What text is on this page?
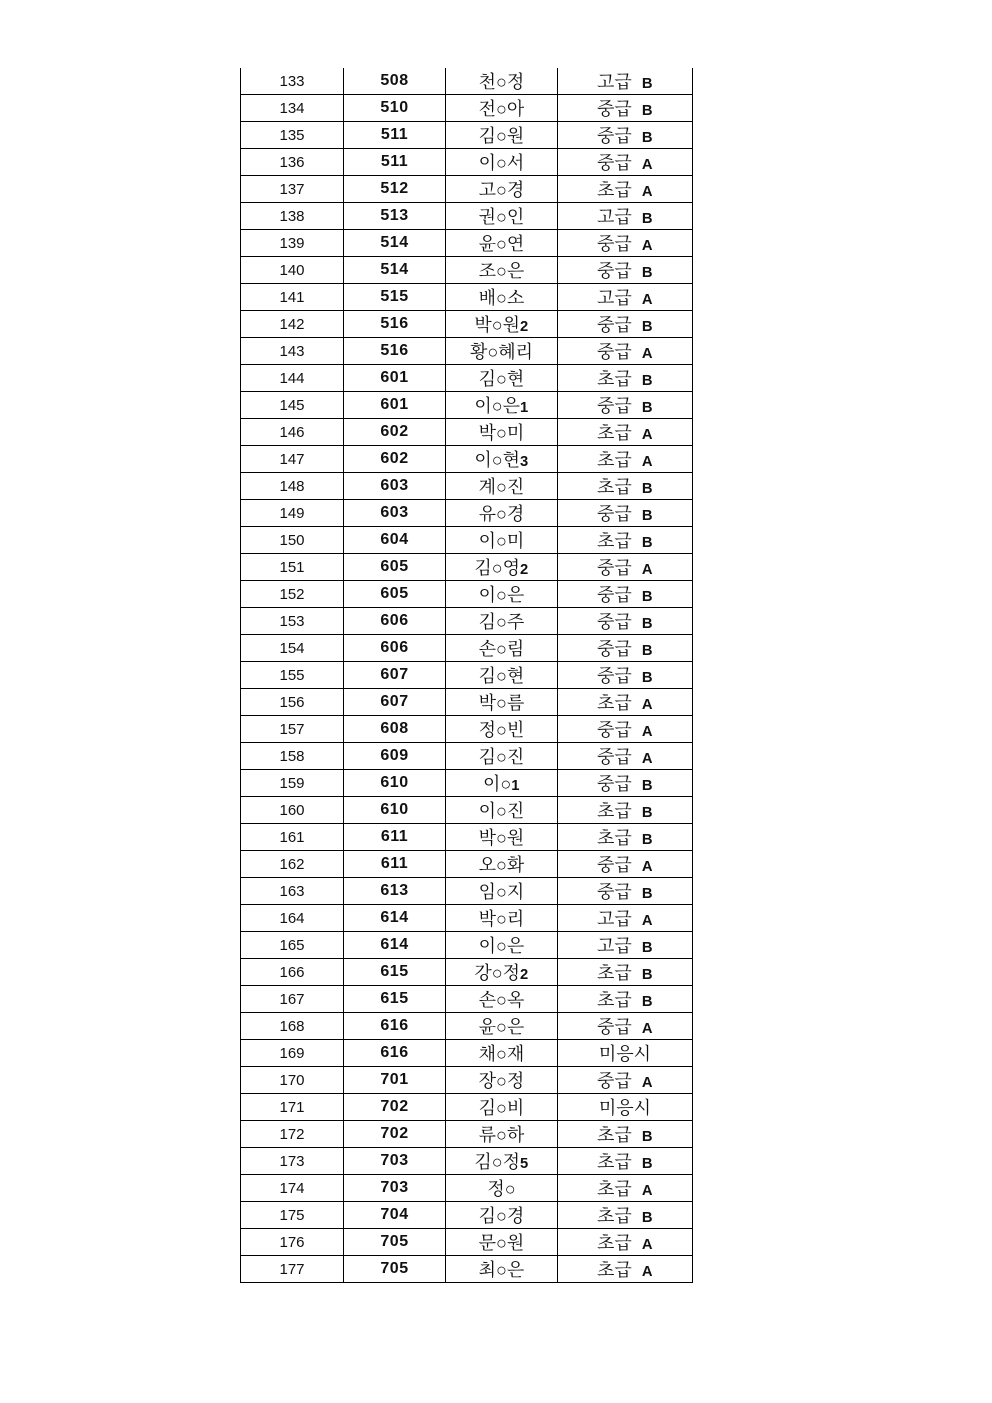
133	508	천○정	고급 B
134	510	전○아	중급 B
135	511	김○원	중급 B
136	511	이○서	중급 A
137	512	고○경	초급 A
138	513	권○인	고급 B
139	514	윤○연	중급 A
140	514	조○은	중급 B
141	515	배○소	고급 A
142	516	박○원2	중급 B
143	516	황○혜리	중급 A
144	601	김○현	초급 B
145	601	이○은1	중급 B
146	602	박○미	초급 A
147	602	이○현3	초급 A
148	603	계○진	초급 B
149	603	유○경	중급 B
150	604	이○미	초급 B
151	605	김○영2	중급 A
152	605	이○은	중급 B
153	606	김○주	중급 B
154	606	손○림	중급 B
155	607	김○현	중급 B
156	607	박○름	초급 A
157	608	정○빈	중급 A
158	609	김○진	중급 A
159	610	이○1	중급 B
160	610	이○진	초급 B
161	611	박○원	초급 B
162	611	오○화	중급 A
163	613	임○지	중급 B
164	614	박○리	고급 A
165	614	이○은	고급 B
166	615	강○정2	초급 B
167	615	손○옥	초급 B
168	616	윤○은	중급 A
169	616	채○재	미응시
170	701	장○정	중급 A
171	702	김○비	미응시
172	702	류○하	초급 B
173	703	김○정5	초급 B
174	703	정○	초급 A
175	704	김○경	초급 B
176	705	문○원	초급 A
177	705	최○은	초급 A
